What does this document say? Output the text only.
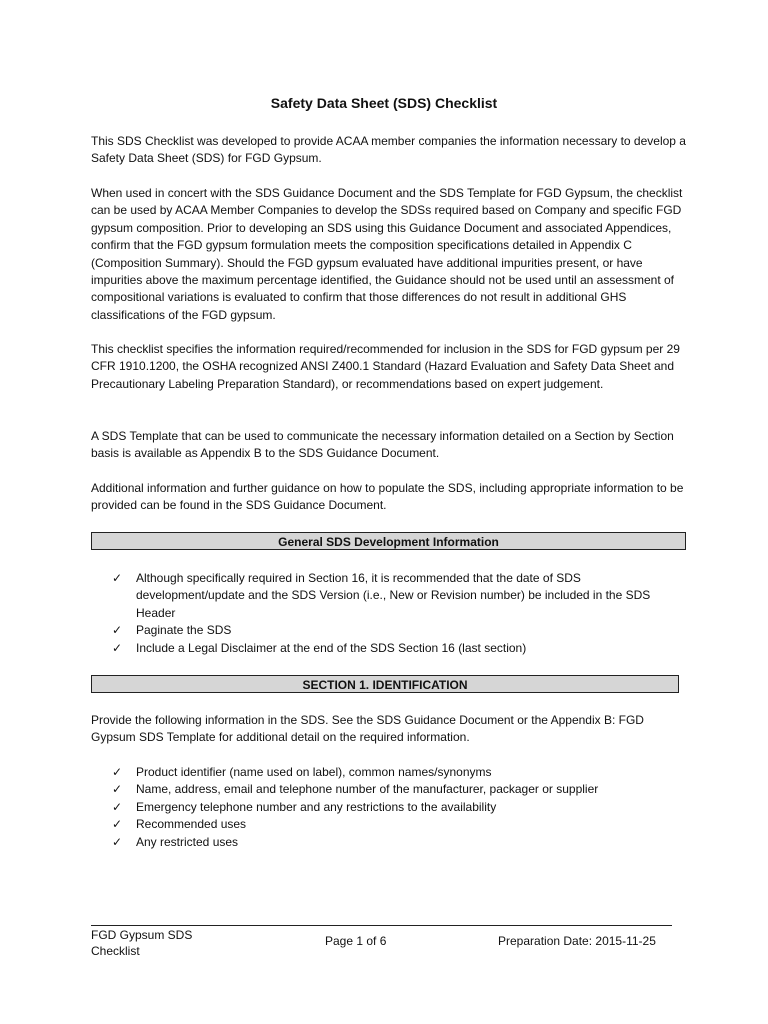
Safety Data Sheet (SDS) Checklist

This SDS Checklist was developed to provide ACAA member companies the information necessary to develop a Safety Data Sheet (SDS) for FGD Gypsum.

When used in concert with the SDS Guidance Document and the SDS Template for FGD Gypsum, the checklist can be used by ACAA Member Companies to develop the SDSs required based on Company and specific FGD gypsum composition. Prior to developing an SDS using this Guidance Document and associated Appendices, confirm that the FGD gypsum formulation meets the composition specifications detailed in Appendix C (Composition Summary). Should the FGD gypsum evaluated have additional impurities present, or have impurities above the maximum percentage identified, the Guidance should not be used until an assessment of compositional variations is evaluated to confirm that those differences do not result in additional GHS classifications of the FGD gypsum.

This checklist specifies the information required/recommended for inclusion in the SDS for FGD gypsum per 29 CFR 1910.1200, the OSHA recognized ANSI Z400.1 Standard (Hazard Evaluation and Safety Data Sheet and Precautionary Labeling Preparation Standard), or recommendations based on expert judgement.

A SDS Template that can be used to communicate the necessary information detailed on a Section by Section basis is available as Appendix B to the SDS Guidance Document.

Additional information and further guidance on how to populate the SDS, including appropriate information to be provided can be found in the SDS Guidance Document.

General SDS Development Information
✓ Although specifically required in Section 16, it is recommended that the date of SDS development/update and the SDS Version (i.e., New or Revision number) be included in the SDS Header
✓ Paginate the SDS
✓ Include a Legal Disclaimer at the end of the SDS Section 16 (last section)
SECTION 1. IDENTIFICATION

Provide the following information in the SDS. See the SDS Guidance Document or the Appendix B: FGD Gypsum SDS Template for additional detail on the required information.

✓ Product identifier (name used on label), common names/synonyms
✓ Name, address, email and telephone number of the manufacturer, packager or supplier
✓ Emergency telephone number and any restrictions to the availability
✓ Recommended uses
✓ Any restricted uses
FGD Gypsum SDS
Checklist
Page 1 of 6	Preparation Date: 2015-11-25
